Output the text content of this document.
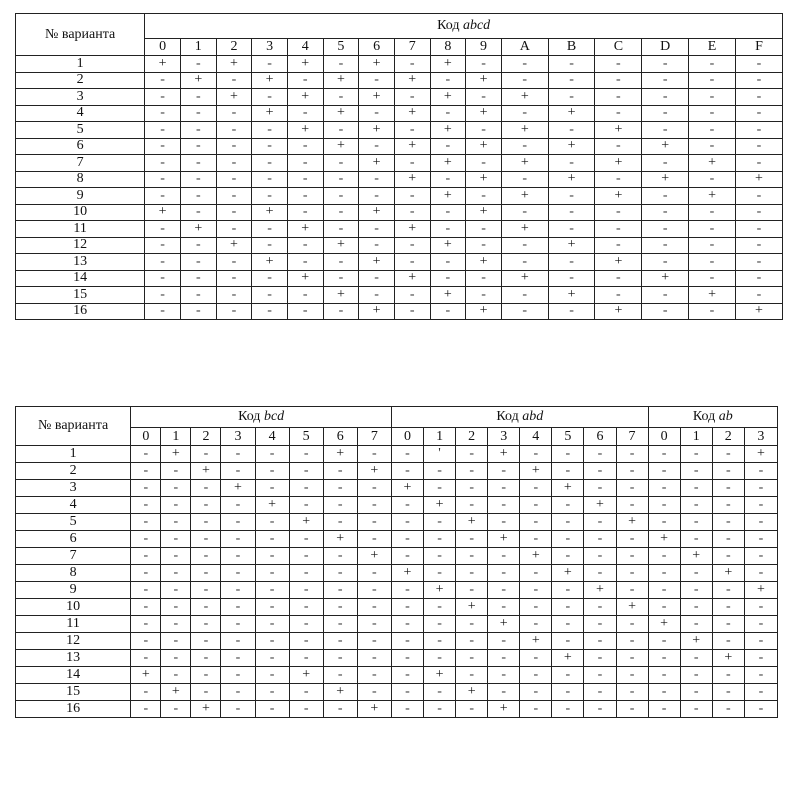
№ варианта	Код abcd															
	0	1	2	3	4	5	6	7	8	9	A	B	C	D	E	F
1	+	-	+	-	+	-	+	-	+	-	-	-	-	-	-	-
2	-	+	-	+	-	+	-	+	-	+	-	-	-	-	-	-
3	-	-	+	-	+	-	+	-	+	-	+	-	-	-	-	-
4	-	-	-	+	-	+	-	+	-	+	-	+	-	-	-	-
5	-	-	-	-	+	-	+	-	+	-	+	-	+	-	-	-
6	-	-	-	-	-	+	-	+	-	+	-	+	-	+	-	-
7	-	-	-	-	-	-	+	-	+	-	+	-	+	-	+	-
8	-	-	-	-	-	-	-	+	-	+	-	+	-	+	-	+
9	-	-	-	-	-	-	-	-	+	-	+	-	+	-	+	-
10	+	-	-	+	-	-	+	-	-	+	-	-	-	-	-	-
11	-	+	-	-	+	-	-	+	-	-	+	-	-	-	-	-
12	-	-	+	-	-	+	-	-	+	-	-	+	-	-	-	-
13	-	-	-	+	-	-	+	-	-	+	-	-	+	-	-	-
14	-	-	-	-	+	-	-	+	-	-	+	-	-	+	-	-
15	-	-	-	-	-	+	-	-	+	-	-	+	-	-	+	-
16	-	-	-	-	-	-	+	-	-	+	-	-	+	-	-	+
№ варианта	Код bcd								Код abd								Код ab			
	0	1	2	3	4	5	6	7	0	1	2	3	4	5	6	7	0	1	2	3
1	-	+	-	-	-	-	+	-	-	'	-	+	-	-	-	-	-	-	-	+
2	-	-	+	-	-	-	-	+	-	-	-	-	+	-	-	-	-	-	-	-
3	-	-	-	+	-	-	-	-	+	-	-	-	-	+	-	-	-	-	-	-
4	-	-	-	-	+	-	-	-	-	+	-	-	-	-	+	-	-	-	-	-
5	-	-	-	-	-	+	-	-	-	-	+	-	-	-	-	+	-	-	-	-
6	-	-	-	-	-	-	+	-	-	-	-	+	-	-	-	-	+	-	-	-
7	-	-	-	-	-	-	-	+	-	-	-	-	+	-	-	-	-	+	-	-
8	-	-	-	-	-	-	-	-	+	-	-	-	-	+	-	-	-	-	+	-
9	-	-	-	-	-	-	-	-	-	+	-	-	-	-	+	-	-	-	-	+
10	-	-	-	-	-	-	-	-	-	-	+	-	-	-	-	+	-	-	-	-
11	-	-	-	-	-	-	-	-	-	-	-	+	-	-	-	-	+	-	-	-
12	-	-	-	-	-	-	-	-	-	-	-	-	+	-	-	-	-	+	-	-
13	-	-	-	-	-	-	-	-	-	-	-	-	-	+	-	-	-	-	+	-
14	+	-	-	-	-	+	-	-	-	+	-	-	-	-	-	-	-	-	-	-
15	-	+	-	-	-	-	+	-	-	-	+	-	-	-	-	-	-	-	-	-
16	-	-	+	-	-	-	-	+	-	-	-	+	-	-	-	-	-	-	-	-
